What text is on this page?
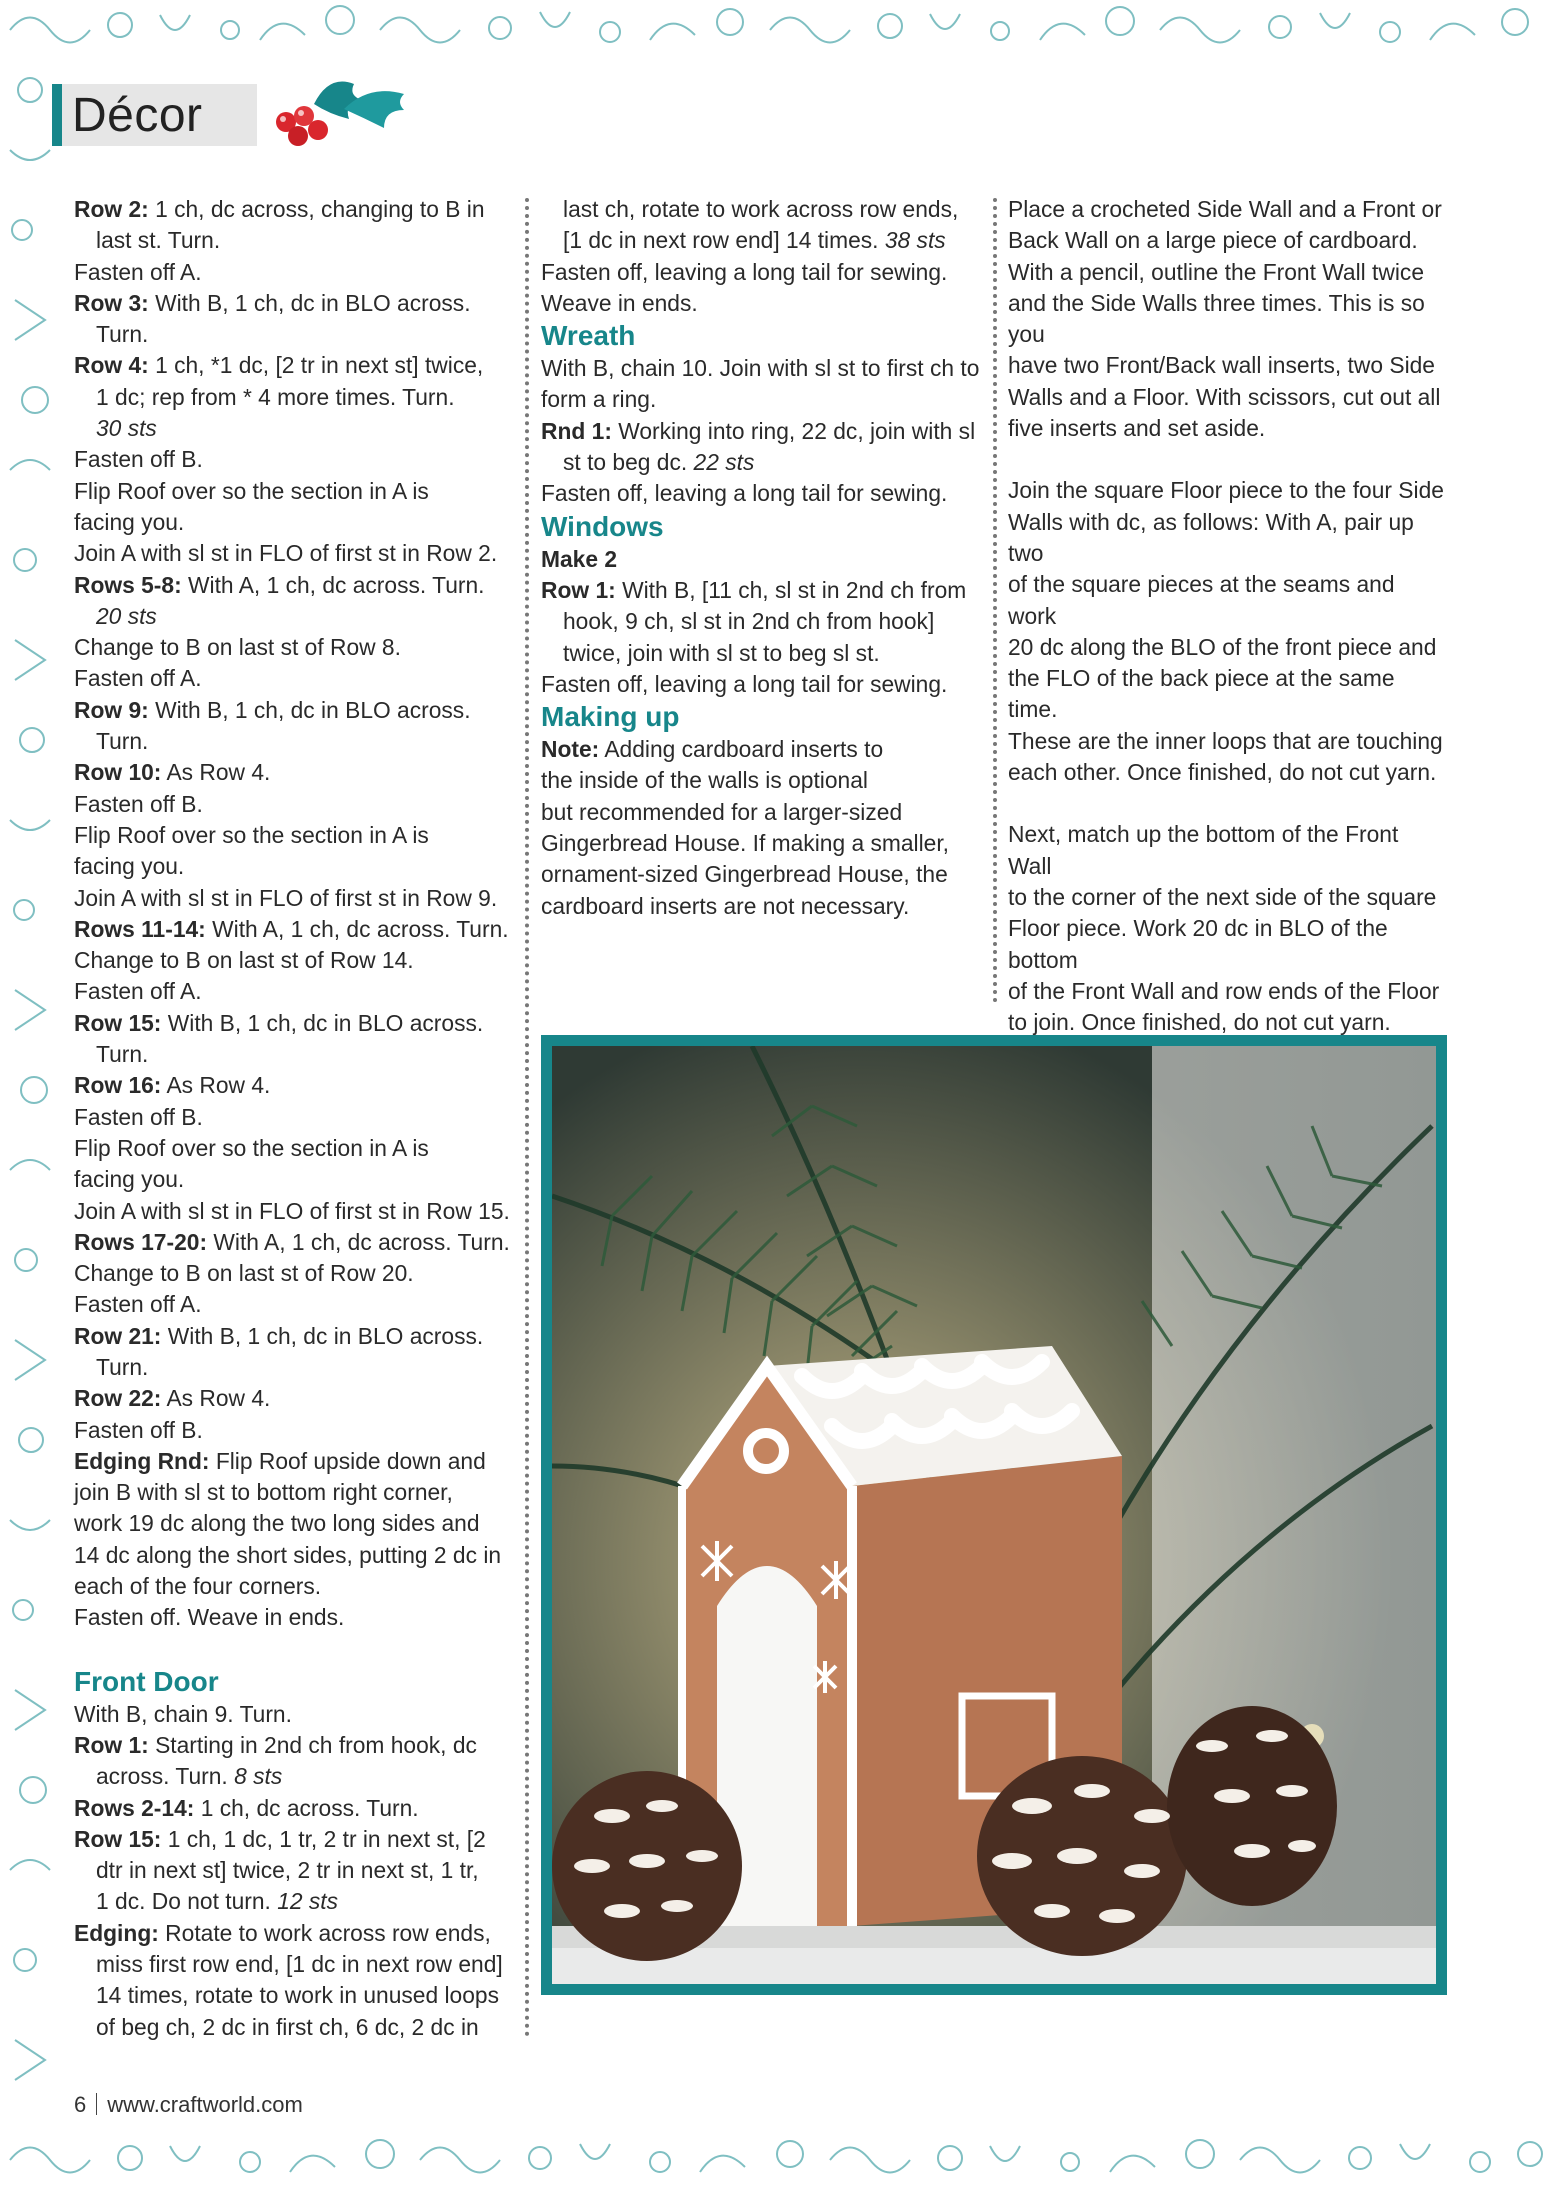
Décor

Row 2: 1 ch, dc across, changing to B in

last st. Turn.

Fasten off A.

Row 3: With B, 1 ch, dc in BLO across.

Turn.

Row 4: 1 ch, *1 dc, [2 tr in next st] twice,

1 dc; rep from * 4 more times. Turn.

30 sts

Fasten off B.

Flip Roof over so the section in A is

facing you.

Join A with sl st in FLO of first st in Row 2.

Rows 5-8: With A, 1 ch, dc across. Turn.

20 sts

Change to B on last st of Row 8.

Fasten off A.

Row 9: With B, 1 ch, dc in BLO across.

Turn.

Row 10: As Row 4.

Fasten off B.

Flip Roof over so the section in A is

facing you.

Join A with sl st in FLO of first st in Row 9.

Rows 11-14: With A, 1 ch, dc across. Turn.

Change to B on last st of Row 14.

Fasten off A.

Row 15: With B, 1 ch, dc in BLO across.

Turn.

Row 16: As Row 4.

Fasten off B.

Flip Roof over so the section in A is

facing you.

Join A with sl st in FLO of first st in Row 15.

Rows 17-20: With A, 1 ch, dc across. Turn.

Change to B on last st of Row 20.

Fasten off A.

Row 21: With B, 1 ch, dc in BLO across.

Turn.

Row 22: As Row 4.

Fasten off B.

Edging Rnd: Flip Roof upside down and

join B with sl st to bottom right corner,

work 19 dc along the two long sides and

14 dc along the short sides, putting 2 dc in

each of the four corners.

Fasten off. Weave in ends.

Front Door

With B, chain 9. Turn.

Row 1: Starting in 2nd ch from hook, dc

across. Turn. 8 sts

Rows 2-14: 1 ch, dc across. Turn.

Row 15: 1 ch, 1 dc, 1 tr, 2 tr in next st, [2

dtr in next st] twice, 2 tr in next st, 1 tr,

1 dc. Do not turn. 12 sts

Edging: Rotate to work across row ends,

miss first row end, [1 dc in next row end]

14 times, rotate to work in unused loops

of beg ch, 2 dc in first ch, 6 dc, 2 dc in

last ch, rotate to work across row ends,

[1 dc in next row end] 14 times. 38 sts

Fasten off, leaving a long tail for sewing.

Weave in ends.

Wreath

With B, chain 10. Join with sl st to first ch to

form a ring.

Rnd 1: Working into ring, 22 dc, join with sl

st to beg dc. 22 sts

Fasten off, leaving a long tail for sewing.

Windows

Make 2

Row 1: With B, [11 ch, sl st in 2nd ch from

hook, 9 ch, sl st in 2nd ch from hook]

twice, join with sl st to beg sl st.

Fasten off, leaving a long tail for sewing.

Making up

Note: Adding cardboard inserts to

the inside of the walls is optional

but recommended for a larger-sized

Gingerbread House. If making a smaller,

ornament-sized Gingerbread House, the

cardboard inserts are not necessary.

Place a crocheted Side Wall and a Front or

Back Wall on a large piece of cardboard.

With a pencil, outline the Front Wall twice

and the Side Walls three times. This is so you

have two Front/Back wall inserts, two Side

Walls and a Floor. With scissors, cut out all

five inserts and set aside.

Join the square Floor piece to the four Side

Walls with dc, as follows: With A, pair up two

of the square pieces at the seams and work

20 dc along the BLO of the front piece and

the FLO of the back piece at the same time.

These are the inner loops that are touching

each other. Once finished, do not cut yarn.

Next, match up the bottom of the Front Wall

to the corner of the next side of the square

Floor piece. Work 20 dc in BLO of the bottom

of the Front Wall and row ends of the Floor

to join. Once finished, do not cut yarn.

6 www.craftworld.com
